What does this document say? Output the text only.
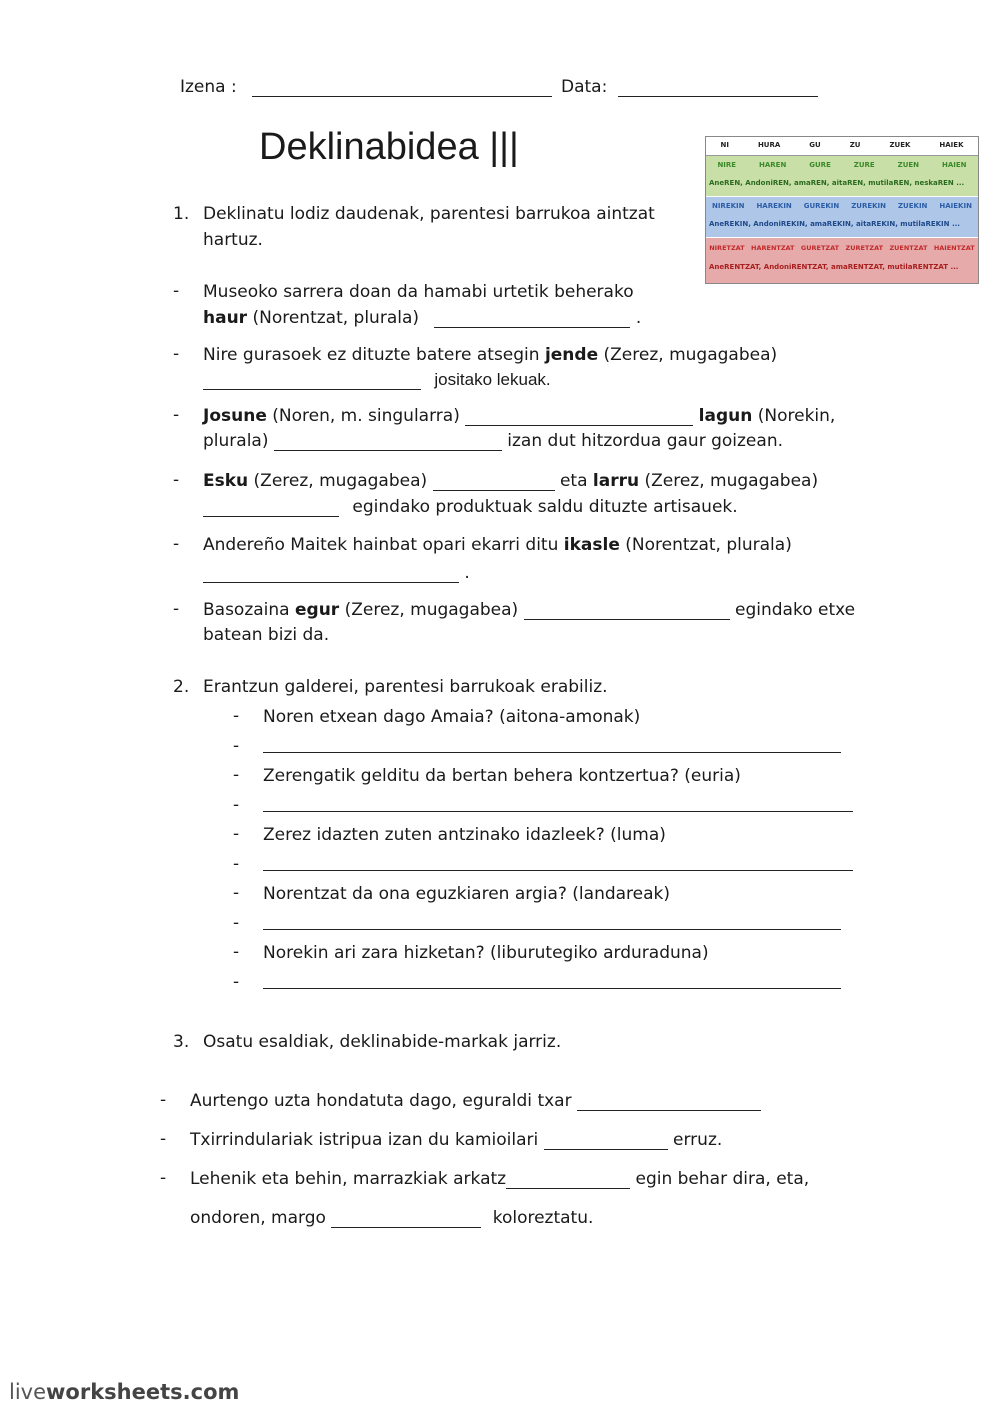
Izena :	Data:
Deklinabidea |||	NI	HURA	GU	ZU	ZUEK	HAIEK
NIRE	HAREN	GURE	ZURE	ZUEN	HAIEN
AneREN, AndoniREN, amaREN, aitaREN, mutilaREN, neskaREN ...
NIREKIN HAREKIN GUREKIN ZUREKIN ZUEKIN HAIEKIN
AneREKIN, AndoniREKIN, amaREKIN, aitaREKIN, mutilaREKIN ...
NIRETZAT HARENTZAT GURETZAT ZURETZAT ZUENTZAT HAIENTZAT
AneRENTZAT, AndoniRENTZAT, amaRENTZAT, mutilaRENTZAT ...
1. Deklinatu lodiz daudenak, parentesi barrukoa aintzat
hartuz.
- Museoko sarrera doan da hamabi urtetik beherako
haur (Norentzat, plurala)	.
- Nire gurasoek ez dituzte batere atsegin jende (Zerez, mugagabea)
jositako lekuak.
- Josune (Noren, m. singularra)	lagun (Norekin,
plurala)	izan dut hitzordua gaur goizean.
- Esku (Zerez, mugagabea)	eta larru (Zerez, mugagabea)
egindako produktuak saldu dituzte artisauek.
- Andereño Maitek hainbat opari ekarri ditu ikasle (Norentzat, plurala)
.
- Basozaina egur (Zerez, mugagabea)	egindako etxe
batean bizi da.
2. Erantzun galderei, parentesi barrukoak erabiliz.
- Noren etxean dago Amaia? (aitona-amonak)
-
- Zerengatik gelditu da bertan behera kontzertua? (euria)
-
- Zerez idazten zuten antzinako idazleek? (luma)
-
- Norentzat da ona eguzkiaren argia? (landareak)
-
- Norekin ari zara hizketan? (liburutegiko arduraduna)
-
3. Osatu esaldiak, deklinabide-markak jarriz.
- Aurtengo uzta hondatuta dago, eguraldi txar
- Txirrindulariak istripua izan du kamioilari	erruz.
- Lehenik eta behin, marrazkiak arkatz	egin behar dira, eta,
ondoren, margo	koloreztatu.
liveworksheets.com
